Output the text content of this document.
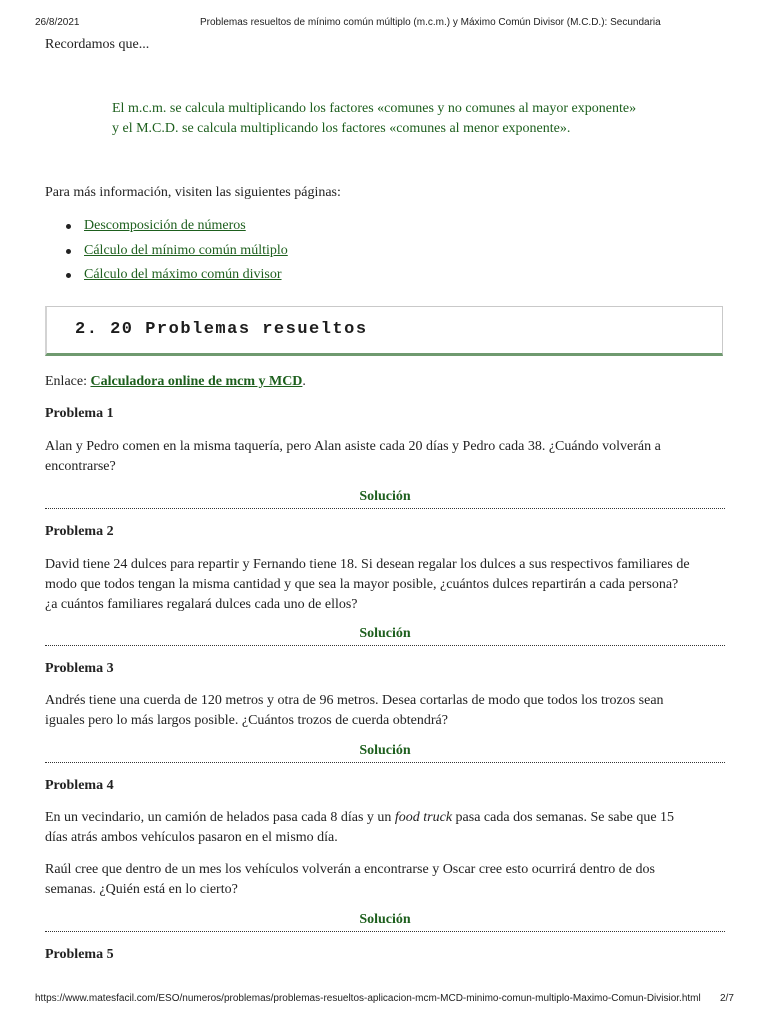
26/8/2021	Problemas resueltos de mínimo común múltiplo (m.c.m.) y Máximo Común Divisor (M.C.D.): Secundaria
Recordamos que...
El m.c.m. se calcula multiplicando los factores «comunes y no comunes al mayor exponente»
y el M.C.D. se calcula multiplicando los factores «comunes al menor exponente».
Para más información, visiten las siguientes páginas:
Descomposición de números
Cálculo del mínimo común múltiplo
Cálculo del máximo común divisor
2. 20 Problemas resueltos
Enlace: Calculadora online de mcm y MCD.
Problema 1
Alan y Pedro comen en la misma taquería, pero Alan asiste cada 20 días y Pedro cada 38. ¿Cuándo volverán a
encontrarse?
Solución
Problema 2
David tiene 24 dulces para repartir y Fernando tiene 18. Si desean regalar los dulces a sus respectivos familiares de
modo que todos tengan la misma cantidad y que sea la mayor posible, ¿cuántos dulces repartirán a cada persona?
¿a cuántos familiares regalará dulces cada uno de ellos?
Solución
Problema 3
Andrés tiene una cuerda de 120 metros y otra de 96 metros. Desea cortarlas de modo que todos los trozos sean
iguales pero lo más largos posible. ¿Cuántos trozos de cuerda obtendrá?
Solución
Problema 4
En un vecindario, un camión de helados pasa cada 8 días y un food truck pasa cada dos semanas. Se sabe que 15
días atrás ambos vehículos pasaron en el mismo día.
Raúl cree que dentro de un mes los vehículos volverán a encontrarse y Oscar cree esto ocurrirá dentro de dos
semanas. ¿Quién está en lo cierto?
Solución
Problema 5
https://www.matesfacil.com/ESO/numeros/problemas/problemas-resueltos-aplicacion-mcm-MCD-minimo-comun-multiplo-Maximo-Comun-Divisior.html 2/7
